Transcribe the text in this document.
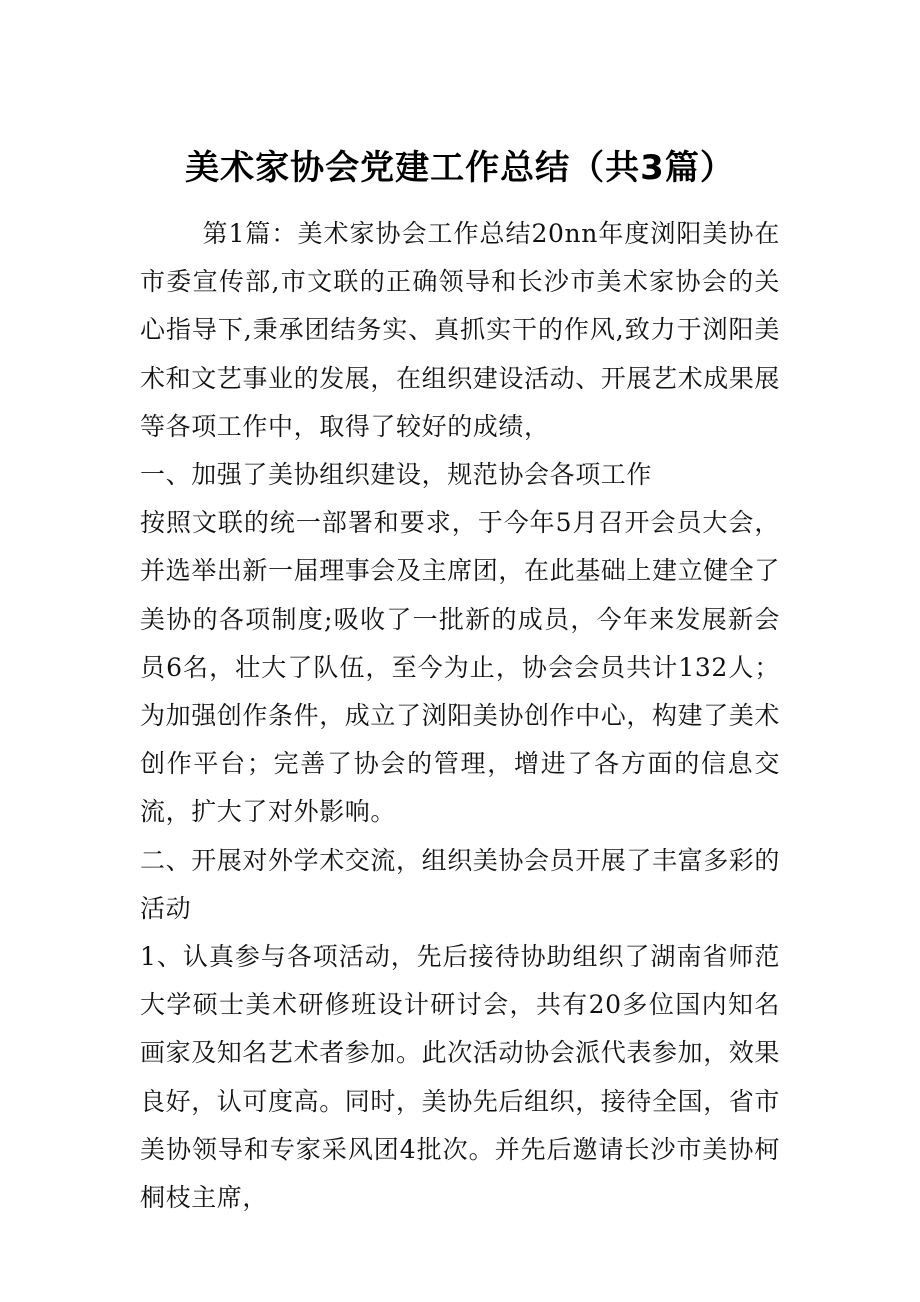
美术家协会党建工作总结（共3篇）

第1篇：美术家协会工作总结20nn年度浏阳美协在市委宣传部,市文联的正确领导和长沙市美术家协会的关心指导下,秉承团结务实、真抓实干的作风,致力于浏阳美术和文艺事业的发展，在组织建设活动、开展艺术成果展等各项工作中，取得了较好的成绩，

一、加强了美协组织建设，规范协会各项工作

按照文联的统一部署和要求，于今年5月召开会员大会，并选举出新一届理事会及主席团，在此基础上建立健全了美协的各项制度;吸收了一批新的成员，今年来发展新会员6名，壮大了队伍，至今为止，协会会员共计132人；为加强创作条件，成立了浏阳美协创作中心，构建了美术创作平台；完善了协会的管理，增进了各方面的信息交流，扩大了对外影响。

二、开展对外学术交流，组织美协会员开展了丰富多彩的活动

1、认真参与各项活动，先后接待协助组织了湖南省师范大学硕士美术研修班设计研讨会，共有20多位国内知名画家及知名艺术者参加。此次活动协会派代表参加，效果良好，认可度高。同时，美协先后组织，接待全国，省市美协领导和专家采风团4批次。并先后邀请长沙市美协柯桐枝主席，
